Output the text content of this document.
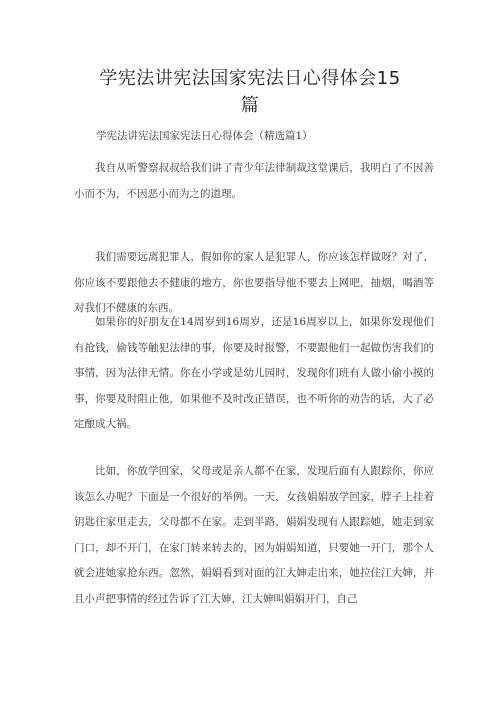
学宪法讲宪法国家宪法日心得体会15
篇
学宪法讲宪法国家宪法日心得体会（精选篇1）
我自从听警察叔叔给我们讲了青少年法律制裁这堂课后，我明白了不因善小而不为，不因恶小而为之的道理。
我们需要远离犯罪人，假如你的家人是犯罪人，你应该怎样做呀？对了，你应该不要跟他去不健康的地方，你也要指导他不要去上网吧，抽烟，喝酒等对我们不健康的东西。
如果你的好朋友在14周岁到16周岁，还是16周岁以上，如果你发现他们有抢钱，偷钱等触犯法律的事，你要及时报警，不要跟他们一起做伤害我们的事情，因为法律无情。你在小学或是幼儿园时，发现你们班有人做小偷小摸的事，你要及时阻止他，如果他不及时改正错误，也不听你的劝告的话，大了必定酿成大祸。
比如，你放学回家，父母或是亲人都不在家，发现后面有人跟踪你，你应该怎么办呢？下面是一个很好的举例。一天，女孩娟娟放学回家，脖子上挂着钥匙往家里走去，父母都不在家。走到半路，娟娟发现有人跟踪她，她走到家门口，却不开门，在家门转来转去的，因为娟娟知道，只要她一开门，那个人就会进她家抢东西。忽然，娟娟看到对面的江大婶走出来，她拉住江大婶，并且小声把事情的经过告诉了江大婶，江大婶叫娟娟开门，自己
